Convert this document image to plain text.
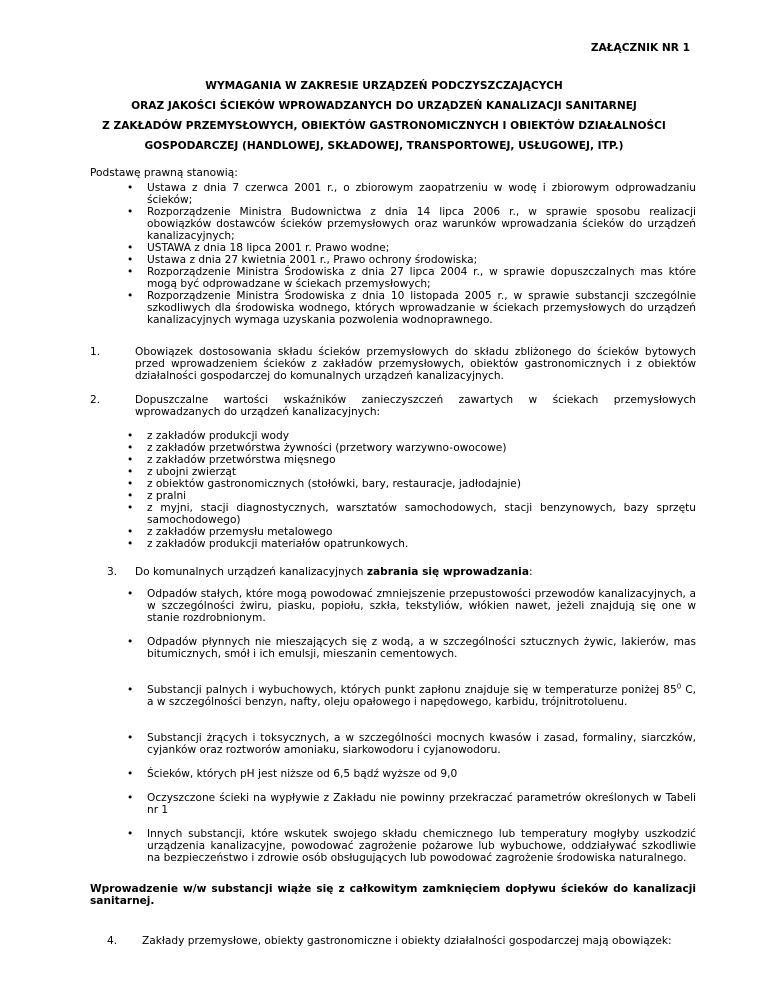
ZAŁĄCZNIK NR 1
WYMAGANIA W ZAKRESIE URZĄDZEŃ PODCZYSZCZAJĄCYCH
ORAZ JAKOŚCI ŚCIEKÓW WPROWADZANYCH DO URZĄDZEŃ KANALIZACJI SANITARNEJ
Z ZAKŁADÓW PRZEMYSŁOWYCH, OBIEKTÓW GASTRONOMICZNYCH I OBIEKTÓW DZIAŁALNOŚCI
GOSPODARCZEJ (HANDLOWEJ, SKŁADOWEJ, TRANSPORTOWEJ, USŁUGOWEJ, ITP.)
Podstawę prawną stanowią:
• Ustawa z dnia 7 czerwca 2001 r., o zbiorowym zaopatrzeniu w wodę i zbiorowym odprowadzaniu ścieków;
• Rozporządzenie Ministra Budownictwa z dnia 14 lipca 2006 r., w sprawie sposobu realizacji obowiązków dostawców ścieków przemysłowych oraz warunków wprowadzania ścieków do urządzeń kanalizacyjnych;
• USTAWA z dnia 18 lipca 2001 r. Prawo wodne;
• Ustawa z dnia 27 kwietnia 2001 r., Prawo ochrony środowiska;
• Rozporządzenie Ministra Środowiska z dnia 27 lipca 2004 r., w sprawie dopuszczalnych mas które mogą być odprowadzane w ściekach przemysłowych;
• Rozporządzenie Ministra Środowiska z dnia 10 listopada 2005 r., w sprawie substancji szczególnie szkodliwych dla środowiska wodnego, których wprowadzanie w ściekach przemysłowych do urządzeń kanalizacyjnych wymaga uzyskania pozwolenia wodnoprawnego.
1.	Obowiązek dostosowania składu ścieków przemysłowych do składu zbliżonego do ścieków bytowych przed wprowadzeniem ścieków z zakładów przemysłowych, obiektów gastronomicznych i z obiektów działalności gospodarczej do komunalnych urządzeń kanalizacyjnych.
2.	Dopuszczalne wartości wskaźników zanieczyszczeń zawartych w ściekach przemysłowych
wprowadzanych do urządzeń kanalizacyjnych:
• z zakładów produkcji wody
• z zakładów przetwórstwa żywności (przetwory warzywno-owocowe)
• z zakładów przetwórstwa mięsnego
• z ubojni zwierząt
• z obiektów gastronomicznych (stołówki, bary, restauracje, jadłodajnie)
• z pralni
• z myjni, stacji diagnostycznych, warsztatów samochodowych, stacji benzynowych, bazy sprzętu samochodowego)
• z zakładów przemysłu metalowego
• z zakładów produkcji materiałów opatrunkowych.
3. Do komunalnych urządzeń kanalizacyjnych zabrania się wprowadzania:
• Odpadów stałych, które mogą powodować zmniejszenie przepustowości przewodów kanalizacyjnych, a w szczególności żwiru, piasku, popiołu, szkła, tekstyliów, włókien nawet, jeżeli znajdują się one w stanie rozdrobnionym.
• Odpadów płynnych nie mieszających się z wodą, a w szczególności sztucznych żywic, lakierów, mas bitumicznych, smół i ich emulsji, mieszanin cementowych.
• Substancji palnych i wybuchowych, których punkt zapłonu znajduje się w temperaturze poniżej $85^0$ C, a w szczególności benzyn, nafty, oleju opałowego i napędowego, karbidu, trójnitrotoluenu.
• Substancji żrących i toksycznych, a w szczególności mocnych kwasów i zasad, formaliny, siarczków, cyjanków oraz roztworów amoniaku, siarkowodoru i cyjanowodoru.
• Ścieków, których pH jest niższe od 6,5 bądź wyższe od 9,0
• Oczyszczone ścieki na wypływie z Zakładu nie powinny przekraczać parametrów określonych w Tabeli nr 1
• Innych substancji, które wskutek swojego składu chemicznego lub temperatury mogłyby uszkodzić urządzenia kanalizacyjne, powodować zagrożenie pożarowe lub wybuchowe, oddziaływać szkodliwie na bezpieczeństwo i zdrowie osób obsługujących lub powodować zagrożenie środowiska naturalnego.
Wprowadzenie w/w substancji wiąże się z całkowitym zamknięciem dopływu ścieków do kanalizacji sanitarnej.
4. Zakłady przemysłowe, obiekty gastronomiczne i obiekty działalności gospodarczej mają obowiązek:
